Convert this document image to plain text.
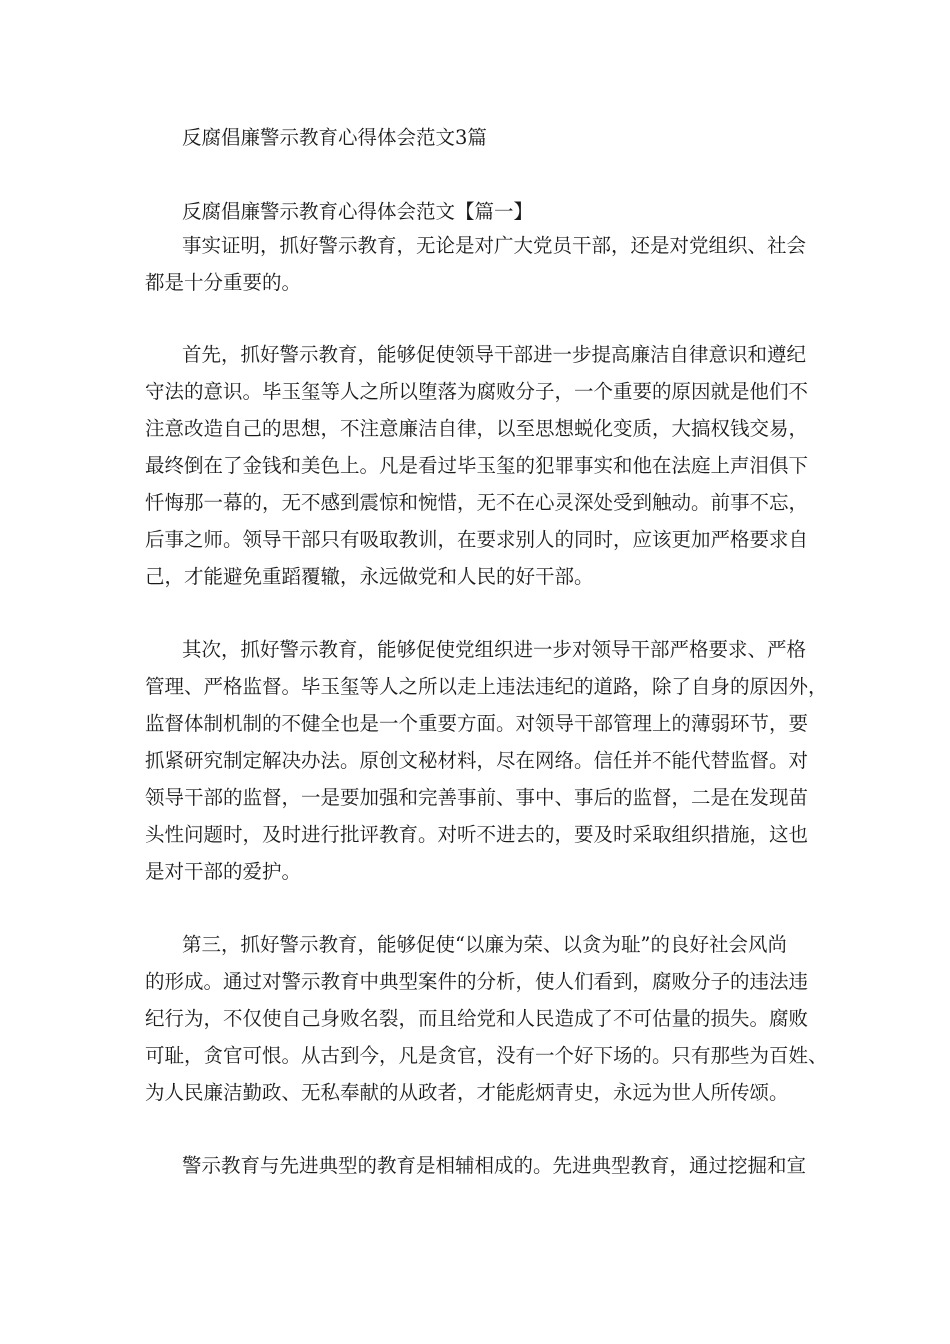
反腐倡廉警示教育心得体会范文3篇
反腐倡廉警示教育心得体会范文【篇一】
事实证明，抓好警示教育，无论是对广大党员干部，还是对党组织、社会
都是十分重要的。
首先，抓好警示教育，能够促使领导干部进一步提高廉洁自律意识和遵纪
守法的意识。毕玉玺等人之所以堕落为腐败分子，一个重要的原因就是他们不
注意改造自己的思想，不注意廉洁自律，以至思想蜕化变质，大搞权钱交易，
最终倒在了金钱和美色上。凡是看过毕玉玺的犯罪事实和他在法庭上声泪俱下
忏悔那一幕的，无不感到震惊和惋惜，无不在心灵深处受到触动。前事不忘，
后事之师。领导干部只有吸取教训，在要求别人的同时，应该更加严格要求自
己，才能避免重蹈覆辙，永远做党和人民的好干部。
其次，抓好警示教育，能够促使党组织进一步对领导干部严格要求、严格
管理、严格监督。毕玉玺等人之所以走上违法违纪的道路，除了自身的原因外，
监督体制机制的不健全也是一个重要方面。对领导干部管理上的薄弱环节，要
抓紧研究制定解决办法。原创文秘材料，尽在网络。信任并不能代替监督。对
领导干部的监督，一是要加强和完善事前、事中、事后的监督，二是在发现苗
头性问题时，及时进行批评教育。对听不进去的，要及时采取组织措施，这也
是对干部的爱护。
第三，抓好警示教育，能够促使“以廉为荣、以贪为耻”的良好社会风尚
的形成。通过对警示教育中典型案件的分析，使人们看到，腐败分子的违法违
纪行为，不仅使自己身败名裂，而且给党和人民造成了不可估量的损失。腐败
可耻，贪官可恨。从古到今，凡是贪官，没有一个好下场的。只有那些为百姓、
为人民廉洁勤政、无私奉献的从政者，才能彪炳青史，永远为世人所传颂。
警示教育与先进典型的教育是相辅相成的。先进典型教育，通过挖掘和宣
